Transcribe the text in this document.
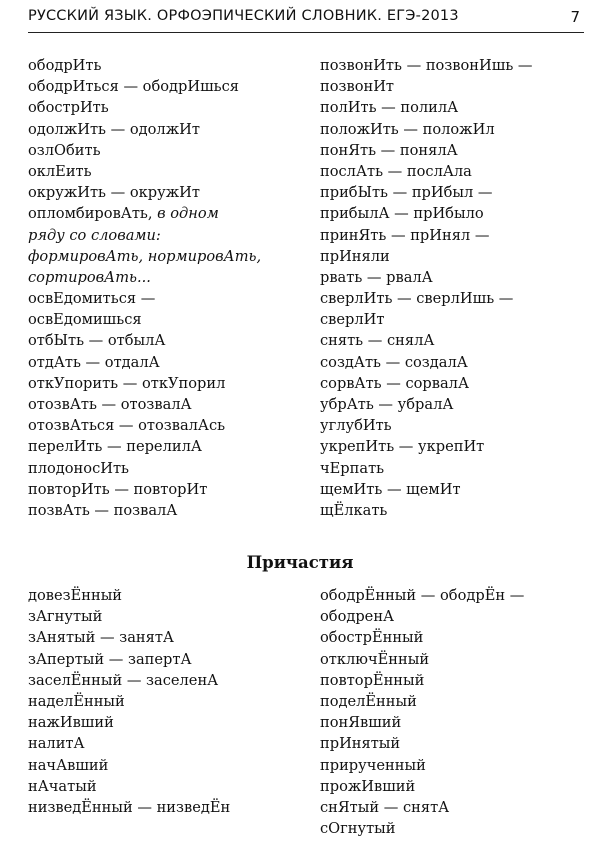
РУССКИЙ ЯЗЫК. ОРФОЭПИЧЕСКИЙ СЛОВНИК. ЕГЭ-2013	7
ободрИть
ободрИться — ободрИшься
обострИть
одолжИть — одолжИт
озлОбить
оклЕить
окружИть — окружИт
опломбировАть, в одном
ряду со словами:
формировАть, нормировАть,
сортировАть...
освЕдомиться —
освЕдомишься
отбЫть — отбылА
отдАть — отдалА
откУпорить — откУпорил
отозвАть — отозвалА
отозвАться — отозвалАсь
перелИть — перелилА
плодоносИть
повторИть — повторИт
позвАть — позвалА
позвонИть — позвонИшь —
позвонИт
полИть — полилА
положИть — положИл
понЯть — понялА
послАть — послАла
прибЫть — прИбыл —
прибылА — прИбыло
принЯть — прИнял —
прИняли
рвать — рвалА
сверлИть — сверлИшь —
сверлИт
снять — снялА
создАть — создалА
сорвАть — сорвалА
убрАть — убралА
углубИть
укрепИть — укрепИт
чЕрпать
щемИть — щемИт
щЁлкать
Причастия
довезЁнный
зАгнутый
зАнятый — занятА
зАпертый — запертА
заселЁнный — заселенА
наделЁнный
нажИвший
налитА
начАвший
нАчатый
низведЁнный — низведЁн
ободрЁнный — ободрЁн —
ободренА
обострЁнный
отключЁнный
повторЁнный
поделЁнный
понЯвший
прИнятый
прирученный
прожИвший
снЯтый — снятА
сОгнутый
